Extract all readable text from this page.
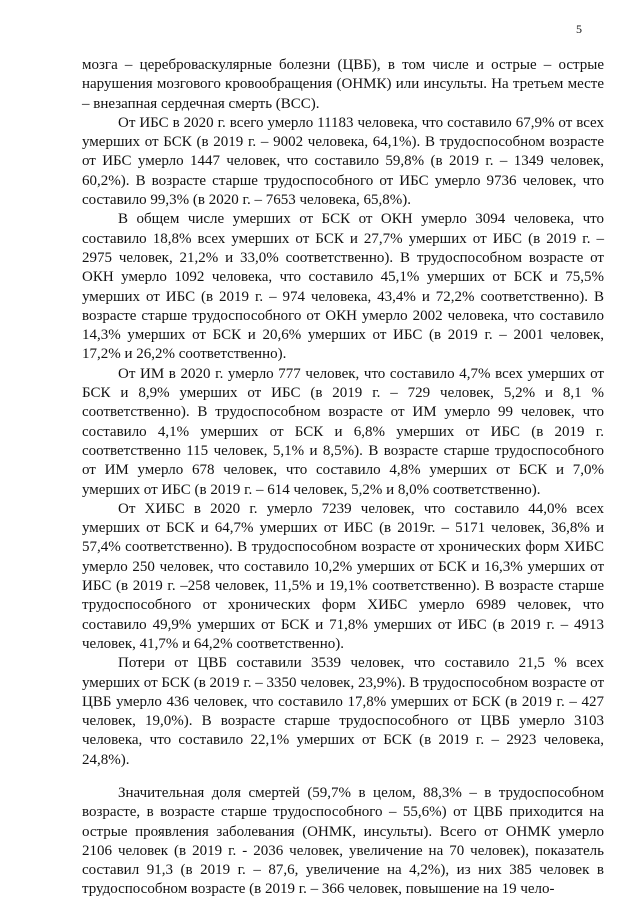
5

мозга – цереброваскулярные болезни (ЦВБ), в том числе и острые – острые нарушения мозгового кровообращения (ОНМК) или инсульты. На третьем месте – внезапная сердечная смерть (ВСС).

От ИБС в 2020 г. всего умерло 11183 человека, что составило 67,9% от всех умерших от БСК (в 2019 г. – 9002 человека, 64,1%). В трудоспособном возрасте от ИБС умерло 1447 человек, что составило 59,8% (в 2019 г. – 1349 человек, 60,2%). В возрасте старше трудоспособного от ИБС умерло 9736 человек, что составило 99,3% (в 2020 г. – 7653 человека, 65,8%).

В общем числе умерших от БСК от ОКН умерло 3094 человека, что составило 18,8% всех умерших от БСК и 27,7% умерших от ИБС (в 2019 г. – 2975 человек, 21,2% и 33,0% соответственно). В трудоспособном возрасте от ОКН умерло 1092 человека, что составило 45,1% умерших от БСК и 75,5% умерших от ИБС (в 2019 г. – 974 человека, 43,4% и 72,2% соответственно). В возрасте старше трудоспособного от ОКН умерло 2002 человека, что составило 14,3% умерших от БСК и 20,6% умерших от ИБС (в 2019 г. – 2001 человек, 17,2% и 26,2% соответственно).

От ИМ в 2020 г. умерло 777 человек, что составило 4,7% всех умерших от БСК и 8,9% умерших от ИБС (в 2019 г. – 729 человек, 5,2% и 8,1 % соответственно). В трудоспособном возрасте от ИМ умерло 99 человек, что составило 4,1% умерших от БСК и 6,8% умерших от ИБС (в 2019 г. соответственно 115 человек, 5,1% и 8,5%). В возрасте старше трудоспособного от ИМ умерло 678 человек, что составило 4,8% умерших от БСК и 7,0% умерших от ИБС (в 2019 г. – 614 человек, 5,2% и 8,0% соответственно).

От ХИБС в 2020 г. умерло 7239 человек, что составило 44,0% всех умерших от БСК и 64,7% умерших от ИБС (в 2019г. – 5171 человек, 36,8% и 57,4% соответственно). В трудоспособном возрасте от хронических форм ХИБС умерло 250 человек, что составило 10,2% умерших от БСК и 16,3% умерших от ИБС (в 2019 г. –258 человек, 11,5% и 19,1% соответственно). В возрасте старше трудоспособного от хронических форм ХИБС умерло 6989 человек, что составило 49,9% умерших от БСК и 71,8% умерших от ИБС (в 2019 г. – 4913 человек, 41,7% и 64,2% соответственно).

Потери от ЦВБ составили 3539 человек, что составило 21,5 % всех умерших от БСК (в 2019 г. – 3350 человек, 23,9%). В трудоспособном возрасте от ЦВБ умерло 436 человек, что составило 17,8% умерших от БСК (в 2019 г. – 427 человек, 19,0%). В возрасте старше трудоспособного от ЦВБ умерло 3103 человека, что составило 22,1% умерших от БСК (в 2019 г. – 2923 человека, 24,8%).

Значительная доля смертей (59,7% в целом, 88,3% – в трудоспособном возрасте, в возрасте старше трудоспособного – 55,6%) от ЦВБ приходится на острые проявления заболевания (ОНМК, инсульты). Всего от ОНМК умерло 2106 человек (в 2019 г. - 2036 человек, увеличение на 70 человек), показатель составил 91,3 (в 2019 г. – 87,6, увеличение на 4,2%), из них 385 человек в трудоспособном возрасте (в 2019 г. – 366 человек, повышение на 19 чело-
